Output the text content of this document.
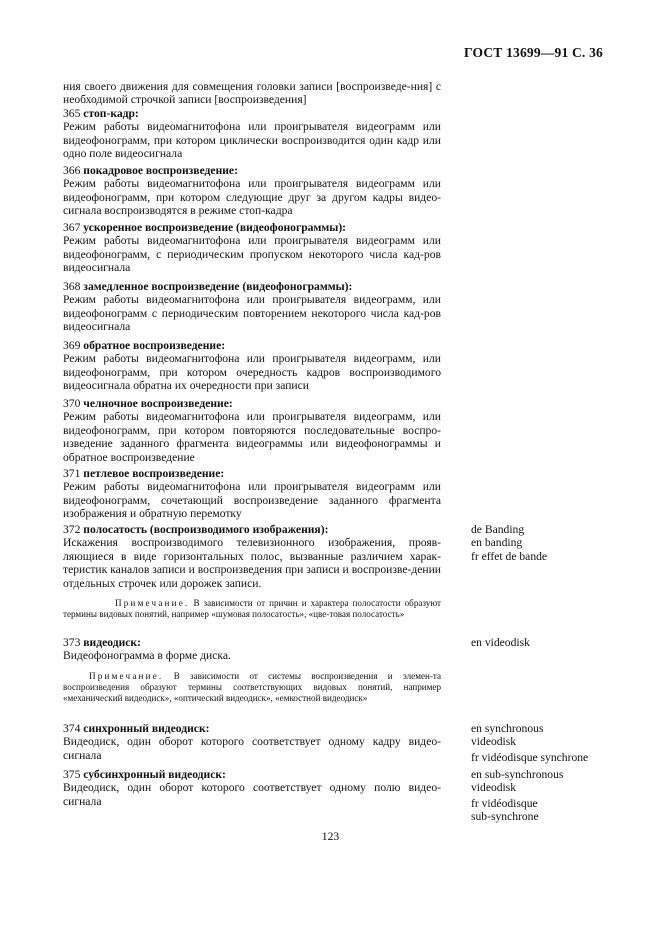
ГОСТ 13699—91 С. 36

ния своего движения для совмещения головки записи [воспроизведе-ния] с необходимой строчкой записи [воспроизведения]

365 стоп-кадр:

Режим работы видеомагнитофона или проигрывателя видеограмм или видеофонограмм, при котором циклически воспроизводится один кадр или одно поле видеосигнала

366 покадровое воспроизведение:

Режим работы видеомагнитофона или проигрывателя видеограмм или видеофонограмм, при котором следующие друг за другом кадры видео-сигнала воспроизводятся в режиме стоп-кадра

367 ускоренное воспроизведение (видеофонограммы):

Режим работы видеомагнитофона или проигрывателя видеограмм или видеофонограмм, с периодическим пропуском некоторого числа кад-ров видеосигнала

368 замедленное воспроизведение (видеофонограммы):

Режим работы видеомагнитофона или проигрывателя видеограмм, или видеофонограмм с периодическим повторением некоторого числа кад-ров видеосигнала

369 обратное воспроизведение:

Режим работы видеомагнитофона или проигрывателя видеограмм, или видеофонограмм, при котором очередность кадров воспроизводимого видеосигнала обратна их очередности при записи

370 челночное воспроизведение:

Режим работы видеомагнитофона или проигрывателя видеограмм, или видеофонограмм, при котором повторяются последовательные воспро-изведение заданного фрагмента видеограммы или видеофонограммы и обратное воспроизведение

371 петлевое воспроизведение:

Режим работы видеомагнитофона или проигрывателя видеограмм или видеофонограмм, сочетающий воспроизведение заданного фрагмента изображения и обратную перемотку

372 полосатость (воспроизводимого изображения):

Искажения воспроизводимого телевизионного изображения, прояв-ляющиеся в виде горизонтальных полос, вызванные различием харак-теристик каналов записи и воспроизведения при записи и воспроизве-дении отдельных строчек или дорожек записи.

Примечание. В зависимости от причин и характера полосатости образуют термины видовых понятий, например «шумовая полосатость», «цве-товая полосатость»

de Banding
en banding
fr effet de bande

373 видеодиск:

Видеофонограмма в форме диска.

Примечание. В зависимости от системы воспроизведения и элемен-та воспроизведения образуют термины соответствующих видовых понятий, например «механический видеодиск», «оптический видеодиск», «емкостной видеодиск»

en videodisk

374 синхронный видеодиск:

Видеодиск, один оборот которого соответствует одному кадру видео-сигнала

en synchronous
videodisk
fr vidéodisque synchrone

375 субсинхронный видеодиск:

Видеодиск, один оборот которого соответствует одному полю видео-сигнала

en sub-synchronous
videodisk
fr vidéodisque
sub-synchrone
123
